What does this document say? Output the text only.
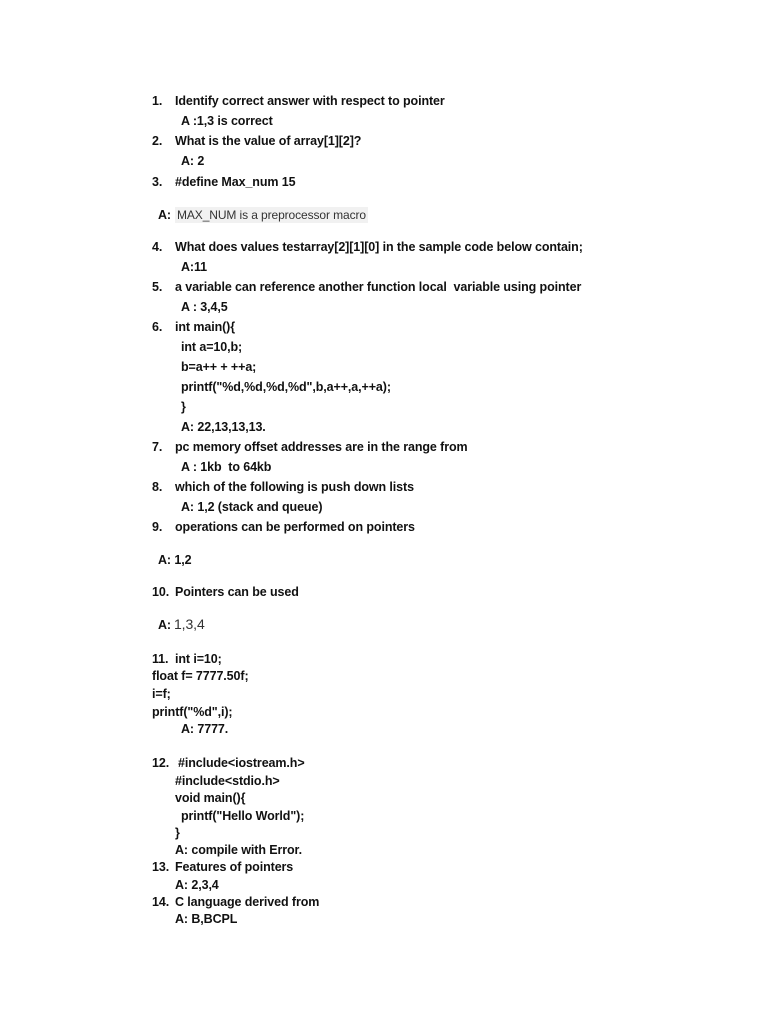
1. Identify correct answer with respect to pointer
A :1,3 is correct
2. What is the value of array[1][2]?
A: 2
3. #define Max_num 15
A: MAX_NUM is a preprocessor macro
4. What does values testarray[2][1][0] in the sample code below contain;
A:11
5. a variable can reference another function local  variable using pointer
A : 3,4,5
6. int main(){
int a=10,b;
b=a++ + ++a;
printf("%d,%d,%d,%d",b,a++,a,++a);
}
A: 22,13,13,13.
7. pc memory offset addresses are in the range from
A : 1kb  to 64kb
8. which of the following is push down lists
A: 1,2 (stack and queue)
9. operations can be performed on pointers
A: 1,2
10. Pointers can be used
A: 1,3,4
11. int i=10;
float f= 7777.50f;
i=f;
printf("%d",i);
A: 7777.
12. #include<iostream.h>
#include<stdio.h>
void main(){
printf("Hello World");
}
A: compile with Error.
13. Features of pointers
A: 2,3,4
14. C language derived from
A: B,BCPL
